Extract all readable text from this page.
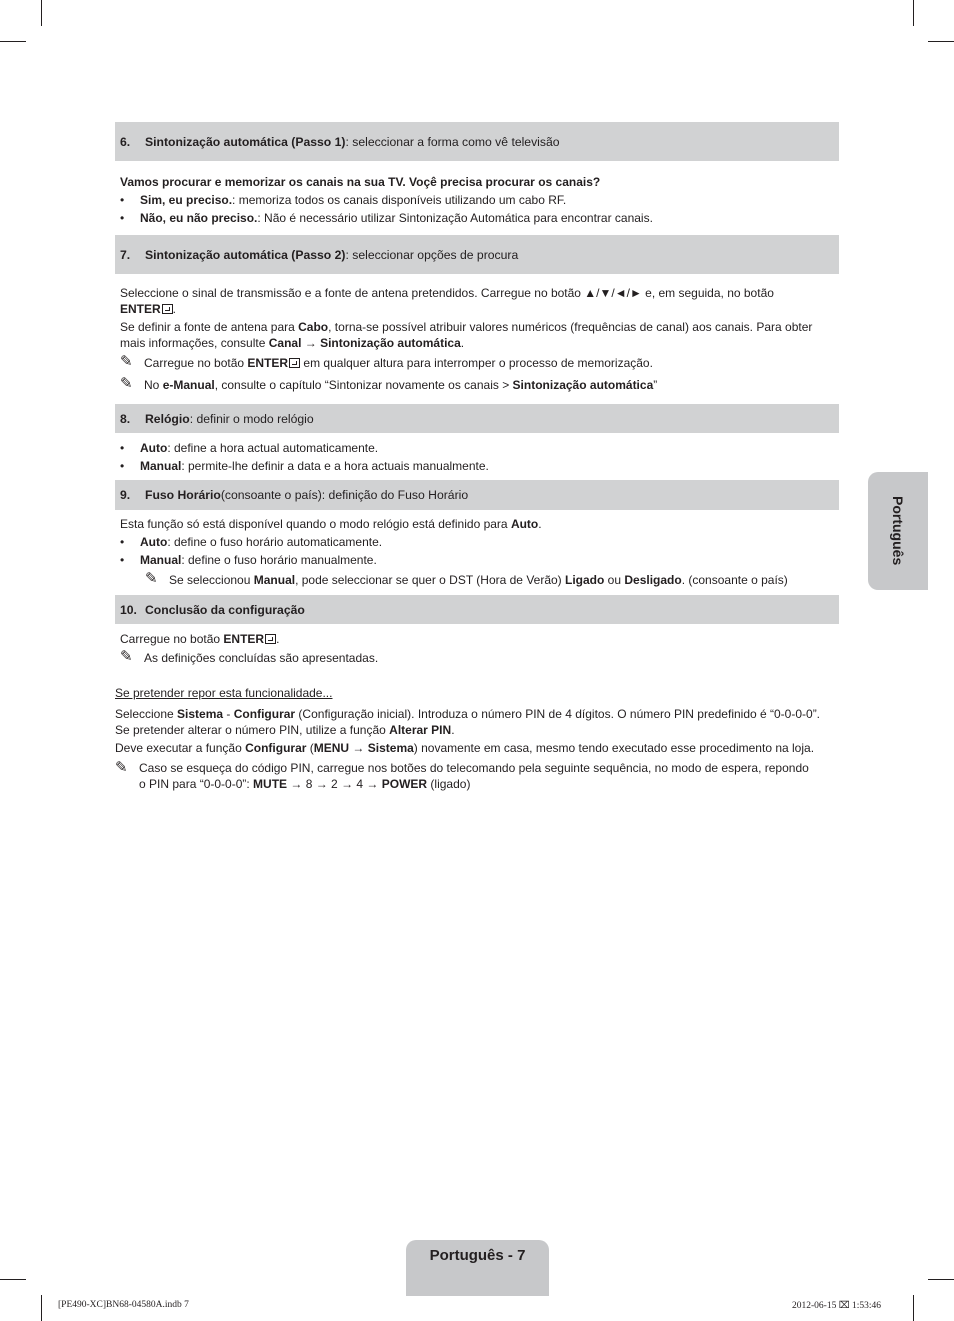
6.	Sintonização automática (Passo 1) : seleccionar a forma como vê televisão
Vamos procurar e memorizar os canais na sua TV. Voçê precisa procurar os canais?
•	Sim, eu preciso.: memoriza todos os canais disponíveis utilizando um cabo RF.
•	Não, eu não preciso.: Não é necessário utilizar Sintonização Automática para encontrar canais.
7.	Sintonização automática (Passo 2) : seleccionar opções de procura
Seleccione o sinal de transmissão e a fonte de antena pretendidos. Carregue no botão ▲/▼/◄/► e, em seguida, no botão
ENTER .
Se definir a fonte de antena para Cabo, torna-se possível atribuir valores numéricos (frequências de canal) aos canais. Para obter
mais informações, consulte Canal → Sintonização automática.
✎ Carregue no botão ENTER em qualquer altura para interromper o processo de memorização.
✎ No e-Manual, consulte o capítulo “Sintonizar novamente os canais > Sintonização automática”
8.	Relógio : definir o modo relógio
•	Auto: define a hora actual automaticamente.
•	Manual: permite-lhe definir a data e a hora actuais manualmente.
9.	Fuso Horário (consoante o país): definição do Fuso Horário
Esta função só está disponível quando o modo relógio está definido para Auto.
•	Auto: define o fuso horário automaticamente.
•	Manual: define o fuso horário manualmente.
✎ Se seleccionou Manual, pode seleccionar se quer o DST (Hora de Verão) Ligado ou Desligado. (consoante o país)
10. Conclusão da configuração
Carregue no botão ENTER .
✎ As definições concluídas são apresentadas.
Se pretender repor esta funcionalidade...
Seleccione Sistema - Configurar (Configuração inicial). Introduza o número PIN de 4 dígitos. O número PIN predefinido é “0-0-0-0”.
Se pretender alterar o número PIN, utilize a função Alterar PIN.
Deve executar a função Configurar (MENU → Sistema) novamente em casa, mesmo tendo executado esse procedimento na loja.
✎ Caso se esqueça do código PIN, carregue nos botões do telecomando pela seguinte sequência, no modo de espera, repondo
o PIN para “0-0-0-0”: MUTE → 8 → 2 → 4 → POWER (ligado)
Português
Português - 7
[PE490-XC]BN68-04580A.indb 7	2012-06-15 ⌧ 1:53:46
